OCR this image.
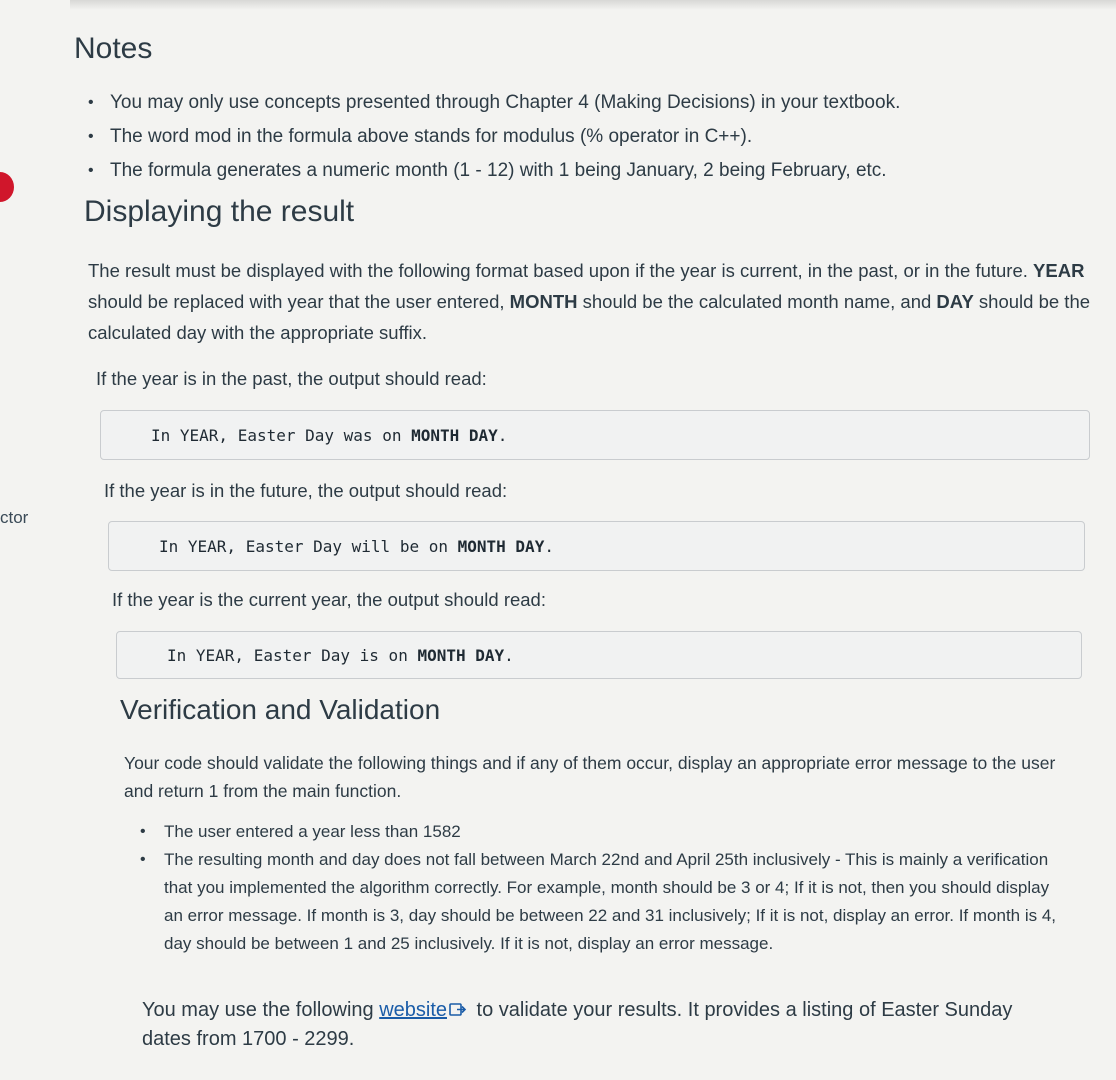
ctor
Notes
• You may only use concepts presented through Chapter 4 (Making Decisions) in your textbook.
• The word mod in the formula above stands for modulus (% operator in C++).
• The formula generates a numeric month (1 - 12) with 1 being January, 2 being February, etc.
Displaying the result

The result must be displayed with the following format based upon if the year is current, in the past, or in the future. YEAR should be replaced with year that the user entered, MONTH should be the calculated month name, and DAY should be the calculated day with the appropriate suffix.

If the year is in the past, the output should read:

In YEAR, Easter Day was on MONTH DAY.

If the year is in the future, the output should read:

In YEAR, Easter Day will be on MONTH DAY.

If the year is the current year, the output should read:

In YEAR, Easter Day is on MONTH DAY.
Verification and Validation

Your code should validate the following things and if any of them occur, display an appropriate error message to the user and return 1 from the main function.

• The user entered a year less than 1582
• The resulting month and day does not fall between March 22nd and April 25th inclusively - This is mainly a verification that you implemented the algorithm correctly. For example, month should be 3 or 4; If it is not, then you should display an error message. If month is 3, day should be between 22 and 31 inclusively; If it is not, display an error. If month is 4, day should be between 1 and 25 inclusively. If it is not, display an error message.

You may use the following website to validate your results. It provides a listing of Easter Sunday dates from 1700 - 2299.
